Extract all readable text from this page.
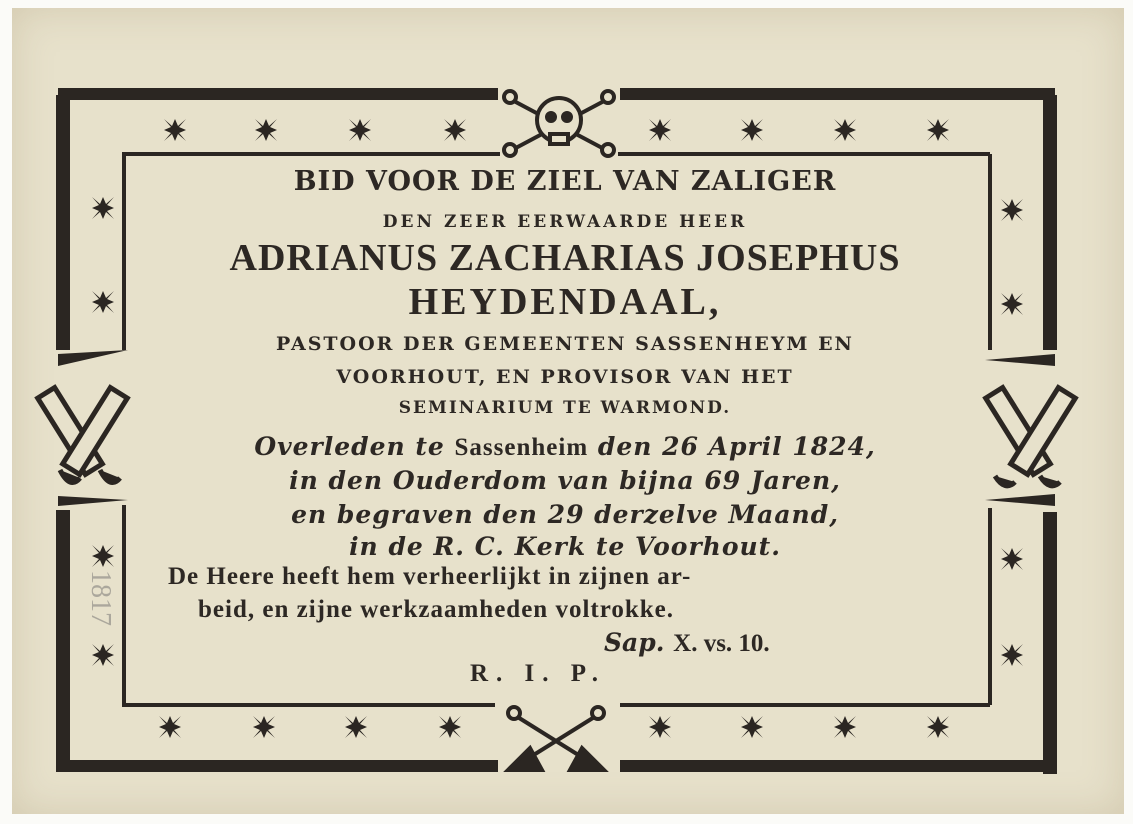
BID VOOR DE ZIEL VAN ZALIGER
DEN ZEER EERWAARDE HEER
ADRIANUS ZACHARIAS JOSEPHUS
HEYDENDAAL,
PASTOOR DER GEMEENTEN SASSENHEYM EN
VOORHOUT, EN PROVISOR VAN HET
SEMINARIUM TE WARMOND.
Overleden te Sassenheim den 26 April 1824,
in den Ouderdom van bijna 69 Jaren,
en begraven den 29 derzelve Maand,
in de R. C. Kerk te Voorhout.
De Heere heeft hem verheerlijkt in zijnen ar-
beid, en zijne werkzaamheden voltrokke.
Sap. X. vs. 10.
R. I. P.
1817
